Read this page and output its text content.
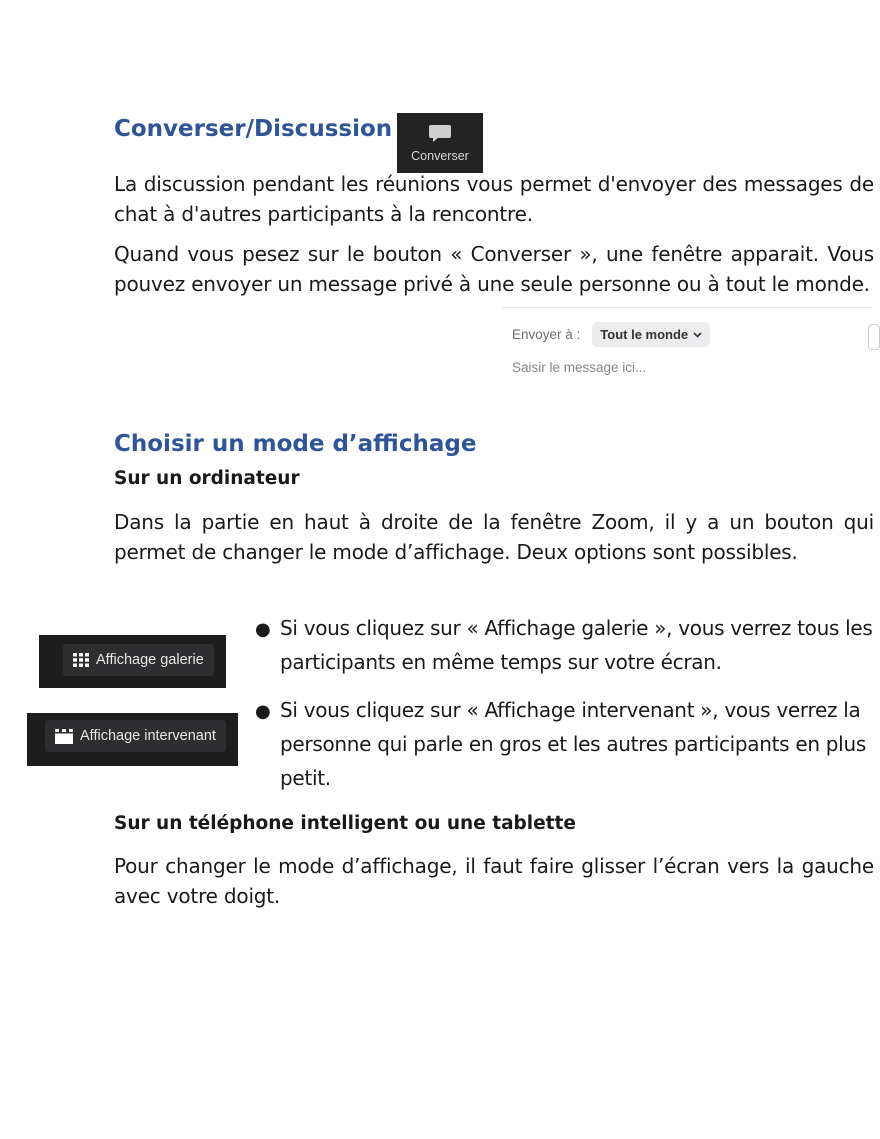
Converser/Discussion
Converser

La discussion pendant les réunions vous permet d'envoyer des messages de chat à d'autres participants à la rencontre.

Quand vous pesez sur le bouton « Converser », une fenêtre apparait. Vous pouvez envoyer un message privé à une seule personne ou à tout le monde.

Envoyer à : Tout le monde
Saisir le message ici...
Choisir un mode d’affichage
Sur un ordinateur

Dans la partie en haut à droite de la fenêtre Zoom, il y a un bouton qui permet de changer le mode d’affichage. Deux options sont possibles.

Affichage galerie
Affichage intervenant
● Si vous cliquez sur « Affichage galerie », vous verrez tous les participants en même temps sur votre écran.

● Si vous cliquez sur « Affichage intervenant », vous verrez la personne qui parle en gros et les autres participants en plus petit.

Sur un téléphone intelligent ou une tablette

Pour changer le mode d’affichage, il faut faire glisser l’écran vers la gauche avec votre doigt.
